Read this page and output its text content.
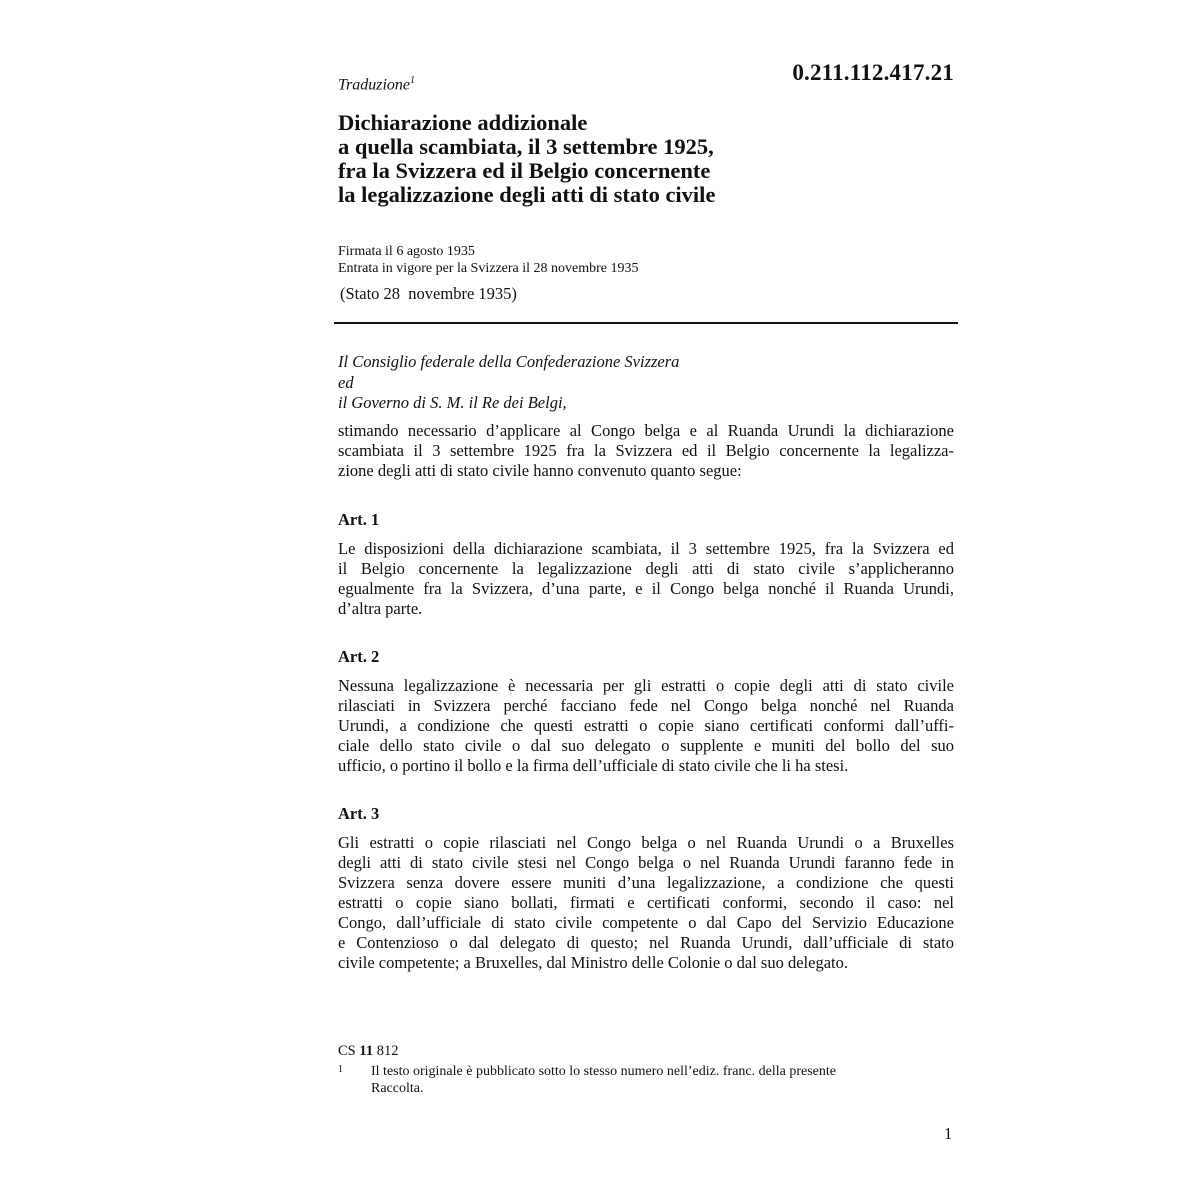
0.211.112.417.21
Traduzione$^1$
Dichiarazione addizionale
a quella scambiata, il 3 settembre 1925,
fra la Svizzera ed il Belgio concernente
la legalizzazione degli atti di stato civile
Firmata il 6 agosto 1935
Entrata in vigore per la Svizzera il 28 novembre 1935
(Stato 28  novembre 1935)
Il Consiglio federale della Confederazione Svizzera
ed
il Governo di S. M. il Re dei Belgi,

stimando necessario d’applicare al Congo belga e al Ruanda Urundi la dichiarazione
scambiata il 3 settembre 1925 fra la Svizzera ed il Belgio concernente la legalizza-
zione degli atti di stato civile hanno convenuto quanto segue:

Art. 1

Le disposizioni della dichiarazione scambiata, il 3 settembre 1925, fra la Svizzera ed
il Belgio concernente la legalizzazione degli atti di stato civile s’applicheranno
egualmente fra la Svizzera, d’una parte, e il Congo belga nonché il Ruanda Urundi,
d’altra parte.

Art. 2

Nessuna legalizzazione è necessaria per gli estratti o copie degli atti di stato civile
rilasciati in Svizzera perché facciano fede nel Congo belga nonché nel Ruanda
Urundi, a condizione che questi estratti o copie siano certificati conformi dall’uffi-
ciale dello stato civile o dal suo delegato o supplente e muniti del bollo del suo
ufficio, o portino il bollo e la firma dell’ufficiale di stato civile che li ha stesi.

Art. 3

Gli estratti o copie rilasciati nel Congo belga o nel Ruanda Urundi o a Bruxelles
degli atti di stato civile stesi nel Congo belga o nel Ruanda Urundi faranno fede in
Svizzera senza dovere essere muniti d’una legalizzazione, a condizione che questi
estratti o copie siano bollati, firmati e certificati conformi, secondo il caso: nel
Congo, dall’ufficiale di stato civile competente o dal Capo del Servizio Educazione
e Contenzioso o dal delegato di questo; nel Ruanda Urundi, dall’ufficiale di stato
civile competente; a Bruxelles, dal Ministro delle Colonie o dal suo delegato.

CS 11 812
1 Il testo originale è pubblicato sotto lo stesso numero nell’ediz. franc. della presente
Raccolta.
1
